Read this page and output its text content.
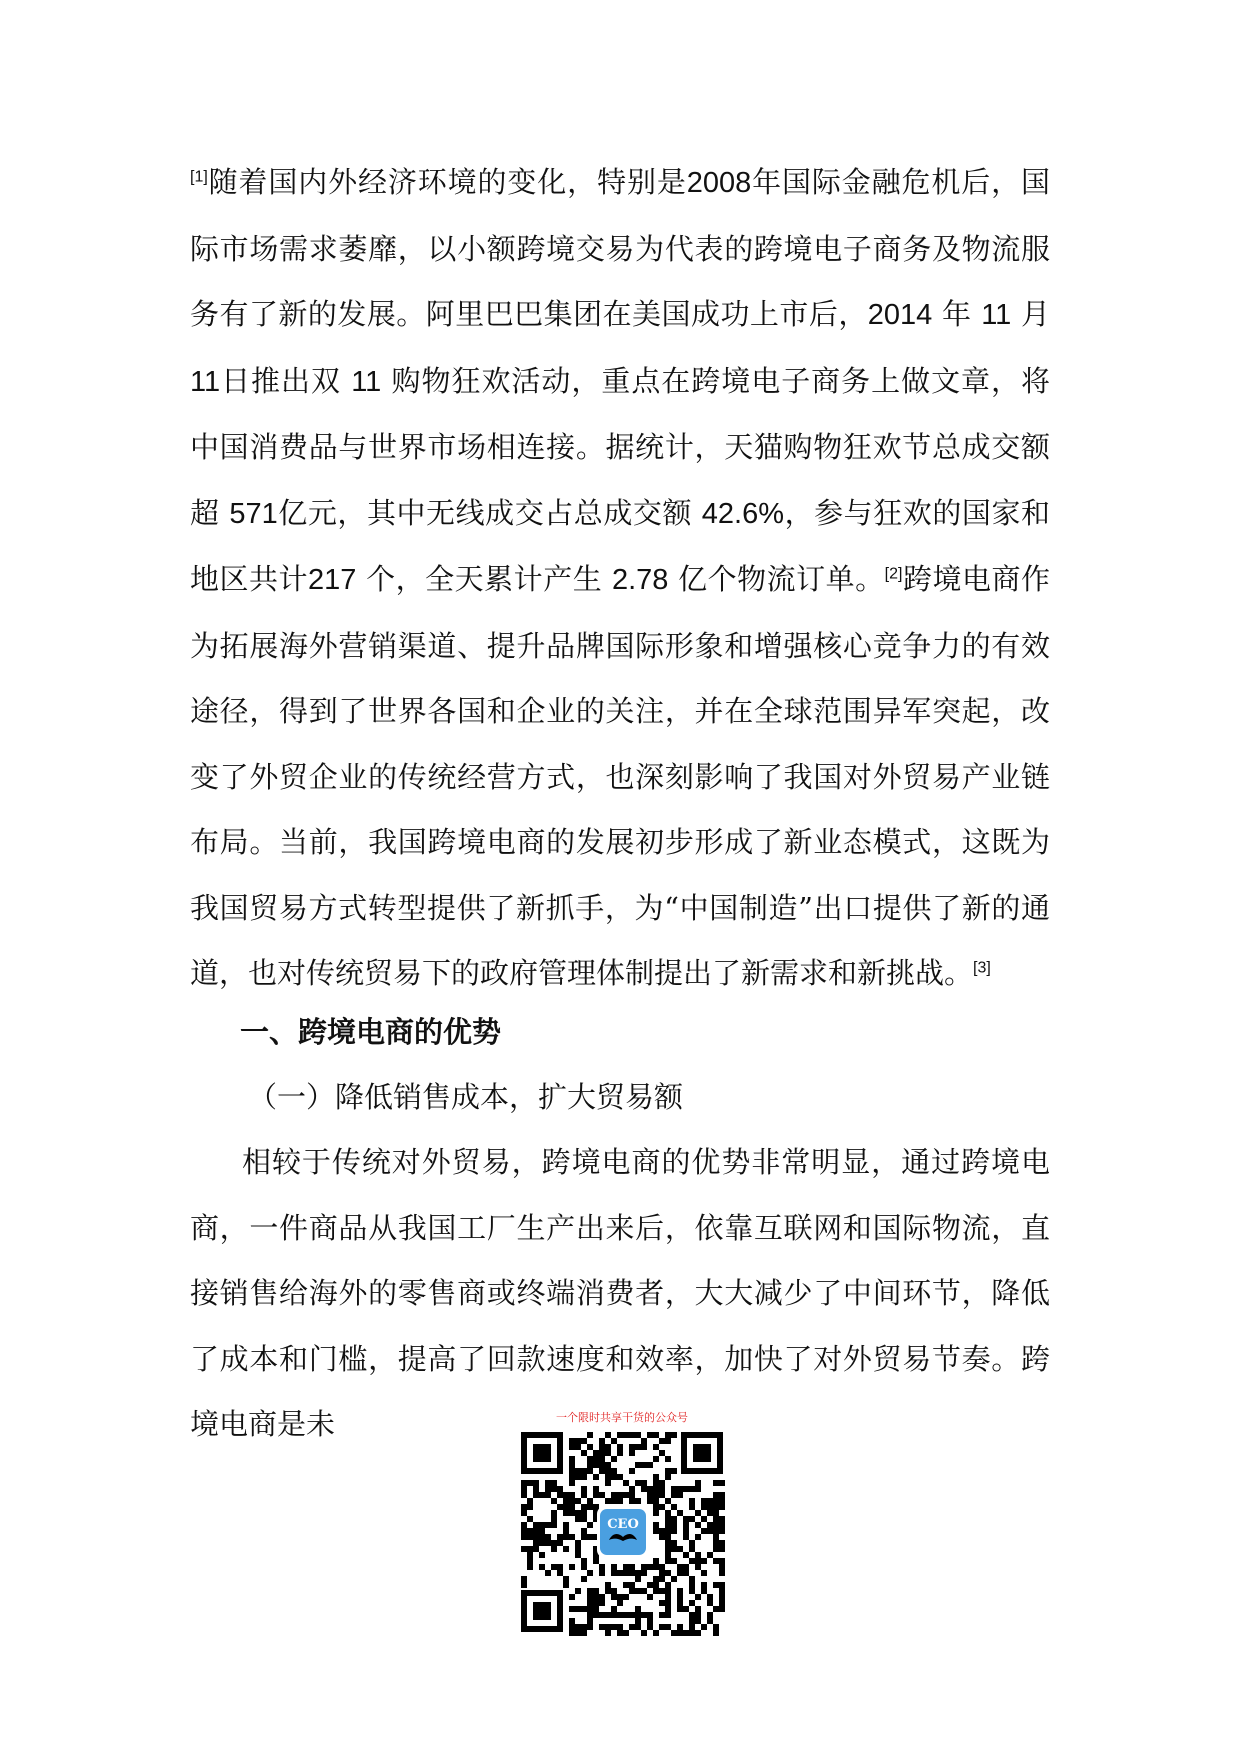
[1]随着国内外经济环境的变化，特别是2008年国际金融危机后，国际市场需求萎靡，以小额跨境交易为代表的跨境电子商务及物流服务有了新的发展。阿里巴巴集团在美国成功上市后，2014 年 11 月 11日推出双 11 购物狂欢活动，重点在跨境电子商务上做文章，将中国消费品与世界市场相连接。据统计，天猫购物狂欢节总成交额超 571亿元，其中无线成交占总成交额 42.6%，参与狂欢的国家和地区共计217 个，全天累计产生 2.78 亿个物流订单。[2]跨境电商作为拓展海外营销渠道、提升品牌国际形象和增强核心竞争力的有效途径，得到了世界各国和企业的关注，并在全球范围异军突起，改变了外贸企业的传统经营方式，也深刻影响了我国对外贸易产业链布局。当前，我国跨境电商的发展初步形成了新业态模式，这既为我国贸易方式转型提供了新抓手，为“中国制造”出口提供了新的通道，也对传统贸易下的政府管理体制提出了新需求和新挑战。[3]
一、跨境电商的优势
（一）降低销售成本，扩大贸易额
相较于传统对外贸易，跨境电商的优势非常明显，通过跨境电商，一件商品从我国工厂生产出来后，依靠互联网和国际物流，直接销售给海外的零售商或终端消费者，大大减少了中间环节，降低了成本和门槛，提高了回款速度和效率，加快了对外贸易节奏。跨境电商是未	一个限时共享干货的公众号
CEO
